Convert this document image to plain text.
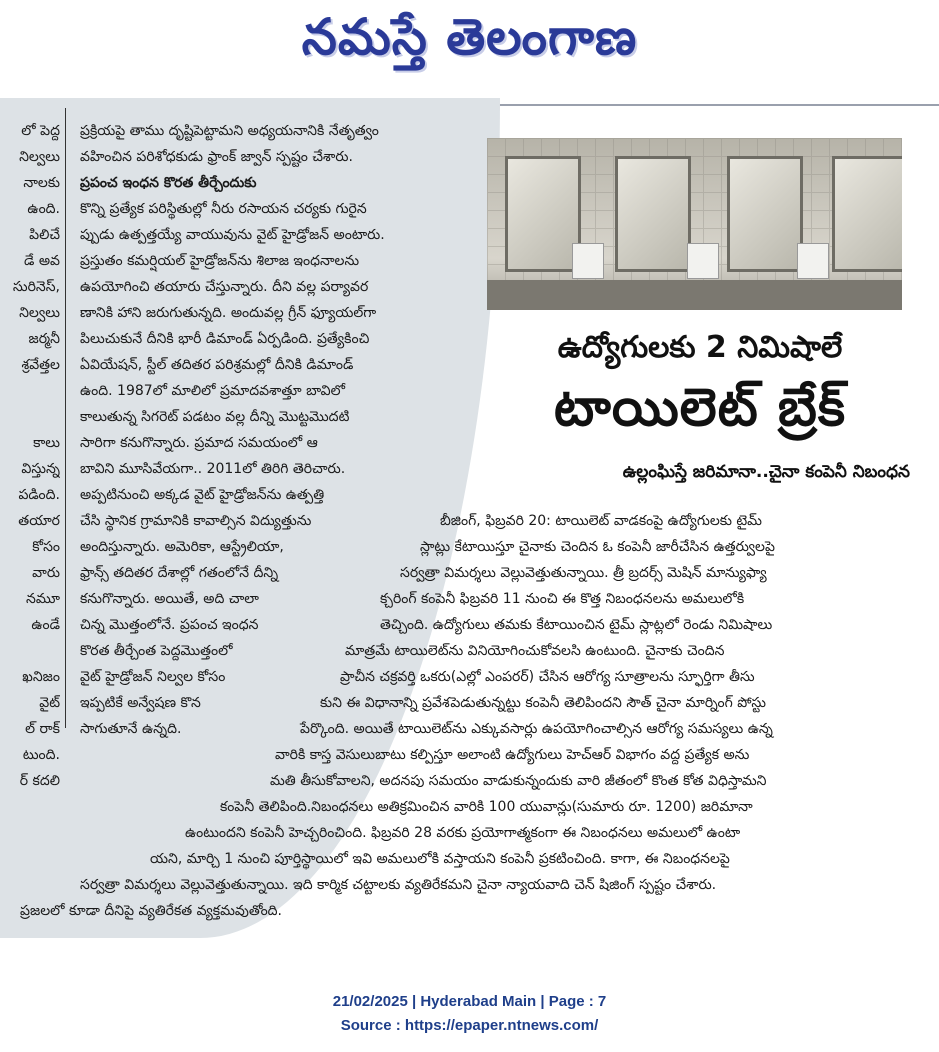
నమస్తే తెలంగాణ
లో పెద్ద
నిల్వలు
నాలకు
ఉంది.
పిలిచే
డే అవ
సురినెస్,
నిల్వలు
జర్మనీ
శ్రవేత్తల
కాలు
విస్తున్న
పడింది.
తయార
కోసం
వారు
నమూ
ఉండే
ఖనిజం
వైట్
ల్ రాక్
టుంది.
ర్ కదలి
ప్రక్రియపై తాము దృష్టిపెట్టామని అధ్యయనానికి నేతృత్వం
వహించిన పరిశోధకుడు ఫ్రాంక్ జ్వాన్ స్పష్టం చేశారు.
ప్రపంచ ఇంధన కొరత తీర్చేందుకు
కొన్ని ప్రత్యేక పరిస్థితుల్లో నీరు రసాయన చర్యకు గురైన
ప్పుడు ఉత్పత్తయ్యే వాయువును వైట్ హైడ్రోజన్ అంటారు.
ప్రస్తుతం కమర్షియల్ హైడ్రోజన్‌ను శిలాజ ఇంధనాలను
ఉపయోగించి తయారు చేస్తున్నారు. దీని వల్ల పర్యావర
ణానికి హాని జరుగుతున్నది. అందువల్ల గ్రీన్ ఫ్యూయల్‌గా
పిలుచుకునే దీనికి భారీ డిమాండ్ ఏర్పడింది. ప్రత్యేకించి
ఏవియేషన్, స్టీల్ తదితర పరిశ్రమల్లో దీనికి డిమాండ్
ఉంది. 1987లో మాలిలో ప్రమాదవశాత్తూ బావిలో
కాలుతున్న సిగరెట్ పడటం వల్ల దీన్ని మొట్టమొదటి
సారిగా కనుగొన్నారు. ప్రమాద సమయంలో ఆ
బావిని మూసివేయగా.. 2011లో తిరిగి తెరిచారు.
అప్పటినుంచి అక్కడ వైట్ హైడ్రోజన్‌ను ఉత్పత్తి
చేసి స్థానిక గ్రామానికి కావాల్సిన విద్యుత్తును
అందిస్తున్నారు. అమెరికా, ఆస్ట్రేలియా,
ఫ్రాన్స్ తదితర దేశాల్లో గతంలోనే దీన్ని
కనుగొన్నారు. అయితే, అది చాలా
చిన్న మొత్తంలోనే. ప్రపంచ ఇంధన
కొరత తీర్చేంత పెద్దమొత్తంలో
వైట్ హైడ్రోజన్ నిల్వల కోసం
ఇప్పటికే అన్వేషణ కొన
సాగుతూనే ఉన్నది.
ఉద్యోగులకు 2 నిమిషాలే
టాయిలెట్ బ్రేక్
ఉల్లంఘిస్తే జరిమానా..చైనా కంపెనీ నిబంధన
బీజింగ్, ఫిబ్రవరి 20: టాయిలెట్ వాడకంపై ఉద్యోగులకు టైమ్
స్లాట్లు కేటాయిస్తూ చైనాకు చెందిన ఓ కంపెనీ జారీచేసిన ఉత్తర్వులపై
సర్వత్రా విమర్శలు వెల్లువెత్తుతున్నాయి. త్రీ బ్రదర్స్ మెషిన్ మాన్యుఫ్యా
క్చరింగ్ కంపెనీ ఫిబ్రవరి 11 నుంచి ఈ కొత్త నిబంధనలను అమలులోకి
తెచ్చింది. ఉద్యోగులు తమకు కేటాయించిన టైమ్ స్లాట్లలో రెండు నిమిషాలు
మాత్రమే టాయిలెట్‌ను వినియోగించుకోవలసి ఉంటుంది. చైనాకు చెందిన
ప్రాచీన చక్రవర్తి ఒకరు(ఎల్లో ఎంపరర్) చేసిన ఆరోగ్య సూత్రాలను స్ఫూర్తిగా తీసు
కుని ఈ విధానాన్ని ప్రవేశపెడుతున్నట్టు కంపెనీ తెలిపిందని సౌత్ చైనా మార్నింగ్ పోస్టు
పేర్కొంది. అయితే టాయిలెట్‌ను ఎక్కువసార్లు ఉపయోగించాల్సిన ఆరోగ్య సమస్యలు ఉన్న
వారికి కాస్త వెసులుబాటు కల్పిస్తూ అలాంటి ఉద్యోగులు హెచ్ఆర్ విభాగం వద్ద ప్రత్యేక అను
మతి తీసుకోవాలని, అదనపు సమయం వాడుకున్నందుకు వారి జీతంలో కొంత కోత విధిస్తామని
కంపెనీ తెలిపింది.నిబంధనలు అతిక్రమించిన వారికి 100 యువాన్లు(సుమారు రూ. 1200) జరిమానా
ఉంటుందని కంపెనీ హెచ్చరించింది. ఫిబ్రవరి 28 వరకు ప్రయోగాత్మకంగా ఈ నిబంధనలు అమలులో ఉంటా
యని, మార్చి 1 నుంచి పూర్తిస్థాయిలో ఇవి అమలులోకి వస్తాయని కంపెనీ ప్రకటించింది. కాగా, ఈ నిబంధనలపై
సర్వత్రా విమర్శలు వెల్లువెత్తుతున్నాయి. ఇది కార్మిక చట్టాలకు వ్యతిరేకమని చైనా న్యాయవాది చెన్ షిజింగ్ స్పష్టం చేశారు.
ప్రజలలో కూడా దీనిపై వ్యతిరేకత వ్యక్తమవుతోంది.
21/02/2025 | Hyderabad Main | Page : 7
Source : https://epaper.ntnews.com/
